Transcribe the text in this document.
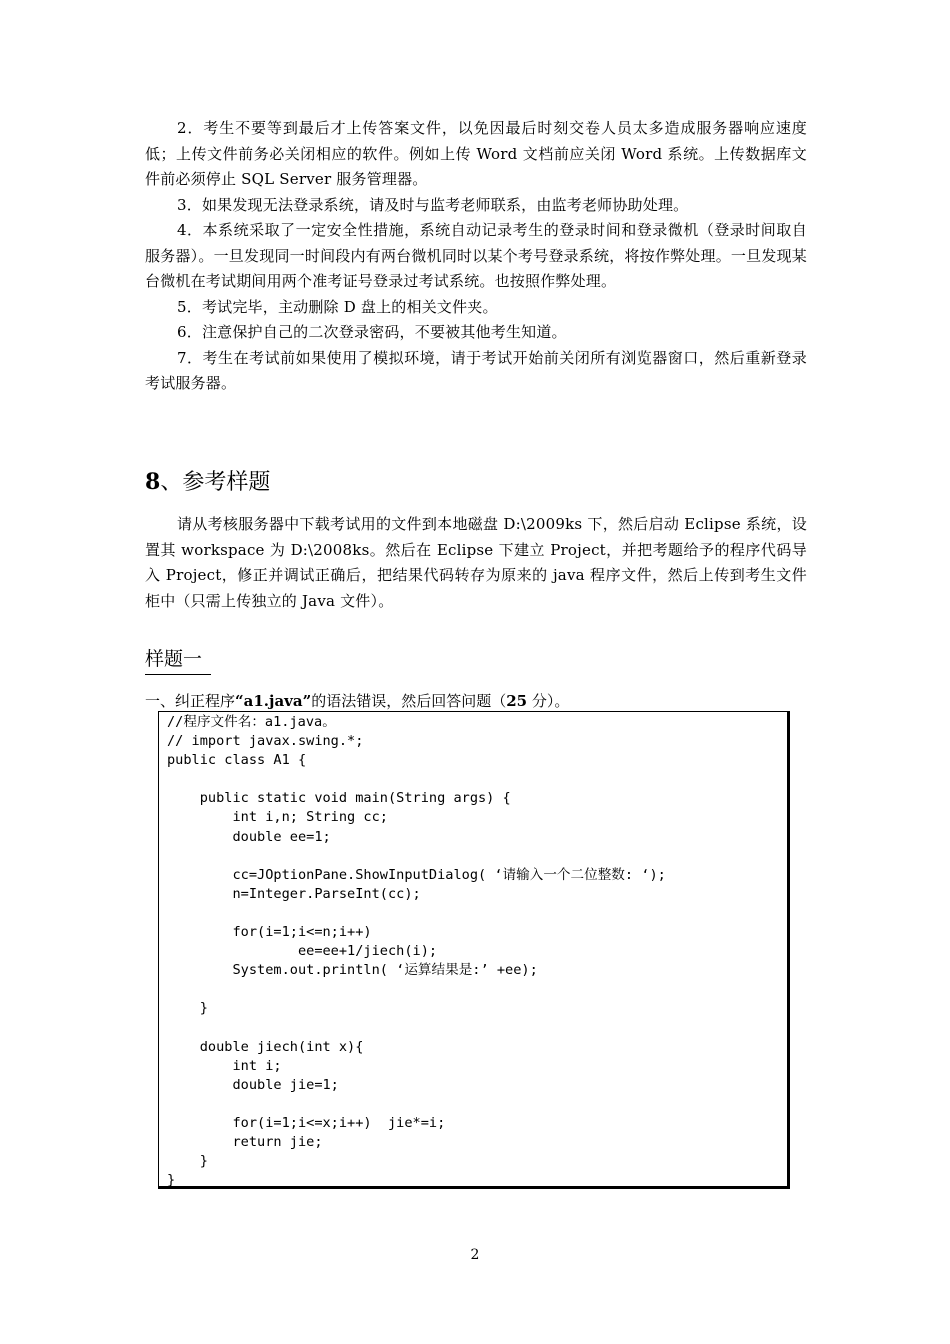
2．考生不要等到最后才上传答案文件，以免因最后时刻交卷人员太多造成服务器响应速度低；上传文件前务必关闭相应的软件。例如上传 Word 文档前应关闭 Word 系统。上传数据库文件前必须停止 SQL Server 服务管理器。

3．如果发现无法登录系统，请及时与监考老师联系，由监考老师协助处理。

4．本系统采取了一定安全性措施，系统自动记录考生的登录时间和登录微机（登录时间取自服务器）。一旦发现同一时间段内有两台微机同时以某个考号登录系统，将按作弊处理。一旦发现某台微机在考试期间用两个准考证号登录过考试系统。也按照作弊处理。

5．考试完毕，主动删除 D 盘上的相关文件夹。

6．注意保护自己的二次登录密码，不要被其他考生知道。

7．考生在考试前如果使用了模拟环境，请于考试开始前关闭所有浏览器窗口，然后重新登录考试服务器。

8、参考样题

请从考核服务器中下载考试用的文件到本地磁盘 D:\2009ks 下，然后启动 Eclipse 系统，设置其 workspace 为 D:\2008ks。然后在 Eclipse 下建立 Project，并把考题给予的程序代码导入 Project，修正并调试正确后，把结果代码转存为原来的 java 程序文件，然后上传到考生文件柜中（只需上传独立的 Java 文件）。

样题一

一、纠正程序“a1.java”的语法错误，然后回答问题（25 分）。

//程序文件名：a1.java。
// import javax.swing.*;
public class A1 {

public static void main(String args) {
int i,n; String cc;
double ee=1;

cc=JOptionPane.ShowInputDialog( ‘请输入一个二位整数: ‘);
n=Integer.ParseInt(cc);

for(i=1;i<=n;i++)
ee=ee+1/jiech(i);
System.out.println( ‘运算结果是:’ +ee);

}

double jiech(int x){
int i;
double jie=1;

for(i=1;i<=x;i++)  jie*=i;
return jie;
}
}
2
